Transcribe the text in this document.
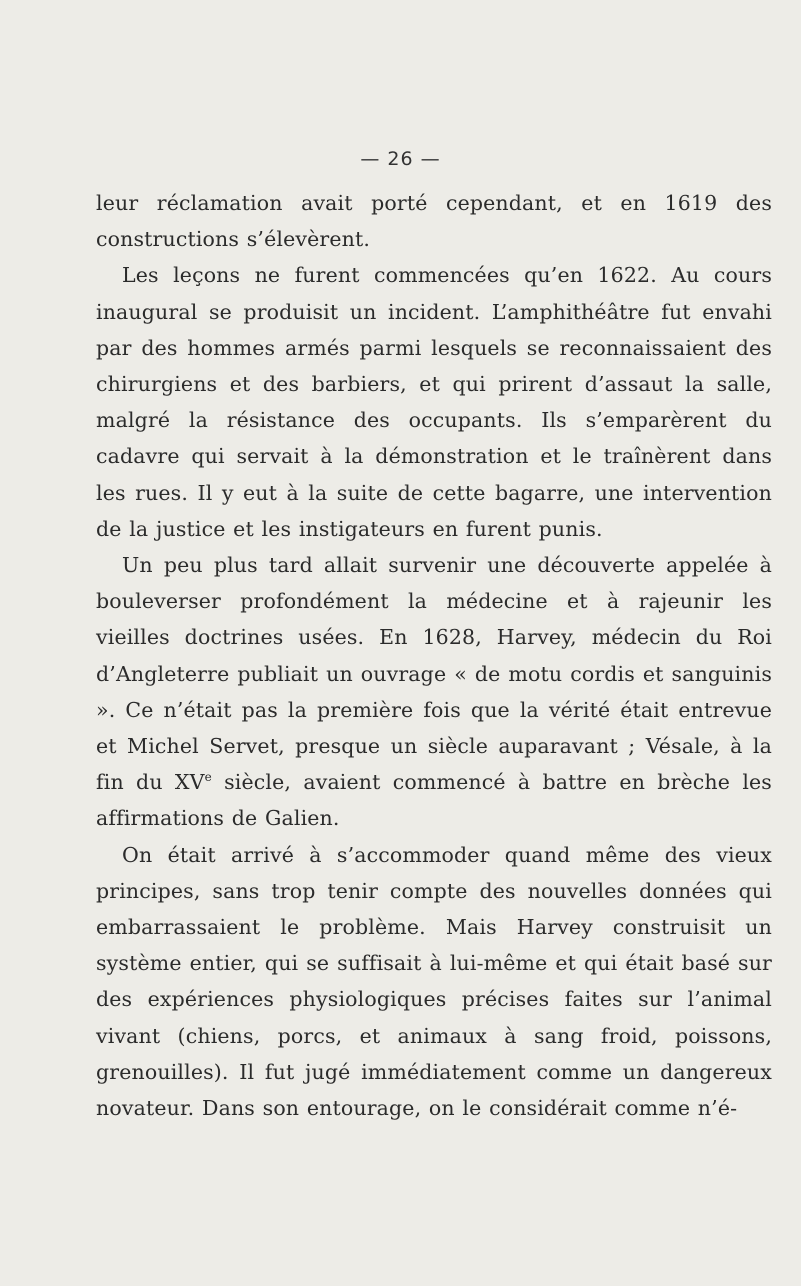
— 26 —

leur réclamation avait porté cependant, et en 1619 des constructions s’élevèrent.

Les leçons ne furent commencées qu’en 1622. Au cours inaugural se produisit un incident. L’amphithéâtre fut envahi par des hommes armés parmi lesquels se reconnaissaient des chirurgiens et des barbiers, et qui prirent d’assaut la salle, malgré la résistance des occupants. Ils s’emparèrent du cadavre qui servait à la démonstration et le traînèrent dans les rues. Il y eut à la suite de cette bagarre, une intervention de la justice et les instigateurs en furent punis.

Un peu plus tard allait survenir une découverte appelée à bouleverser profondément la médecine et à rajeunir les vieilles doctrines usées. En 1628, Harvey, médecin du Roi d’Angleterre publiait un ouvrage « de motu cordis et sanguinis ». Ce n’était pas la première fois que la vérité était entrevue et Michel Servet, presque un siècle auparavant ; Vésale, à la fin du XVe siècle, avaient commencé à battre en brèche les affirmations de Galien.

On était arrivé à s’accommoder quand même des vieux principes, sans trop tenir compte des nouvelles données qui embarrassaient le problème. Mais Harvey construisit un système entier, qui se suffisait à lui-même et qui était basé sur des expériences physiologiques précises faites sur l’animal vivant (chiens, porcs, et animaux à sang froid, poissons, grenouilles). Il fut jugé immédiatement comme un dangereux novateur. Dans son entourage, on le considérait comme n’é-
